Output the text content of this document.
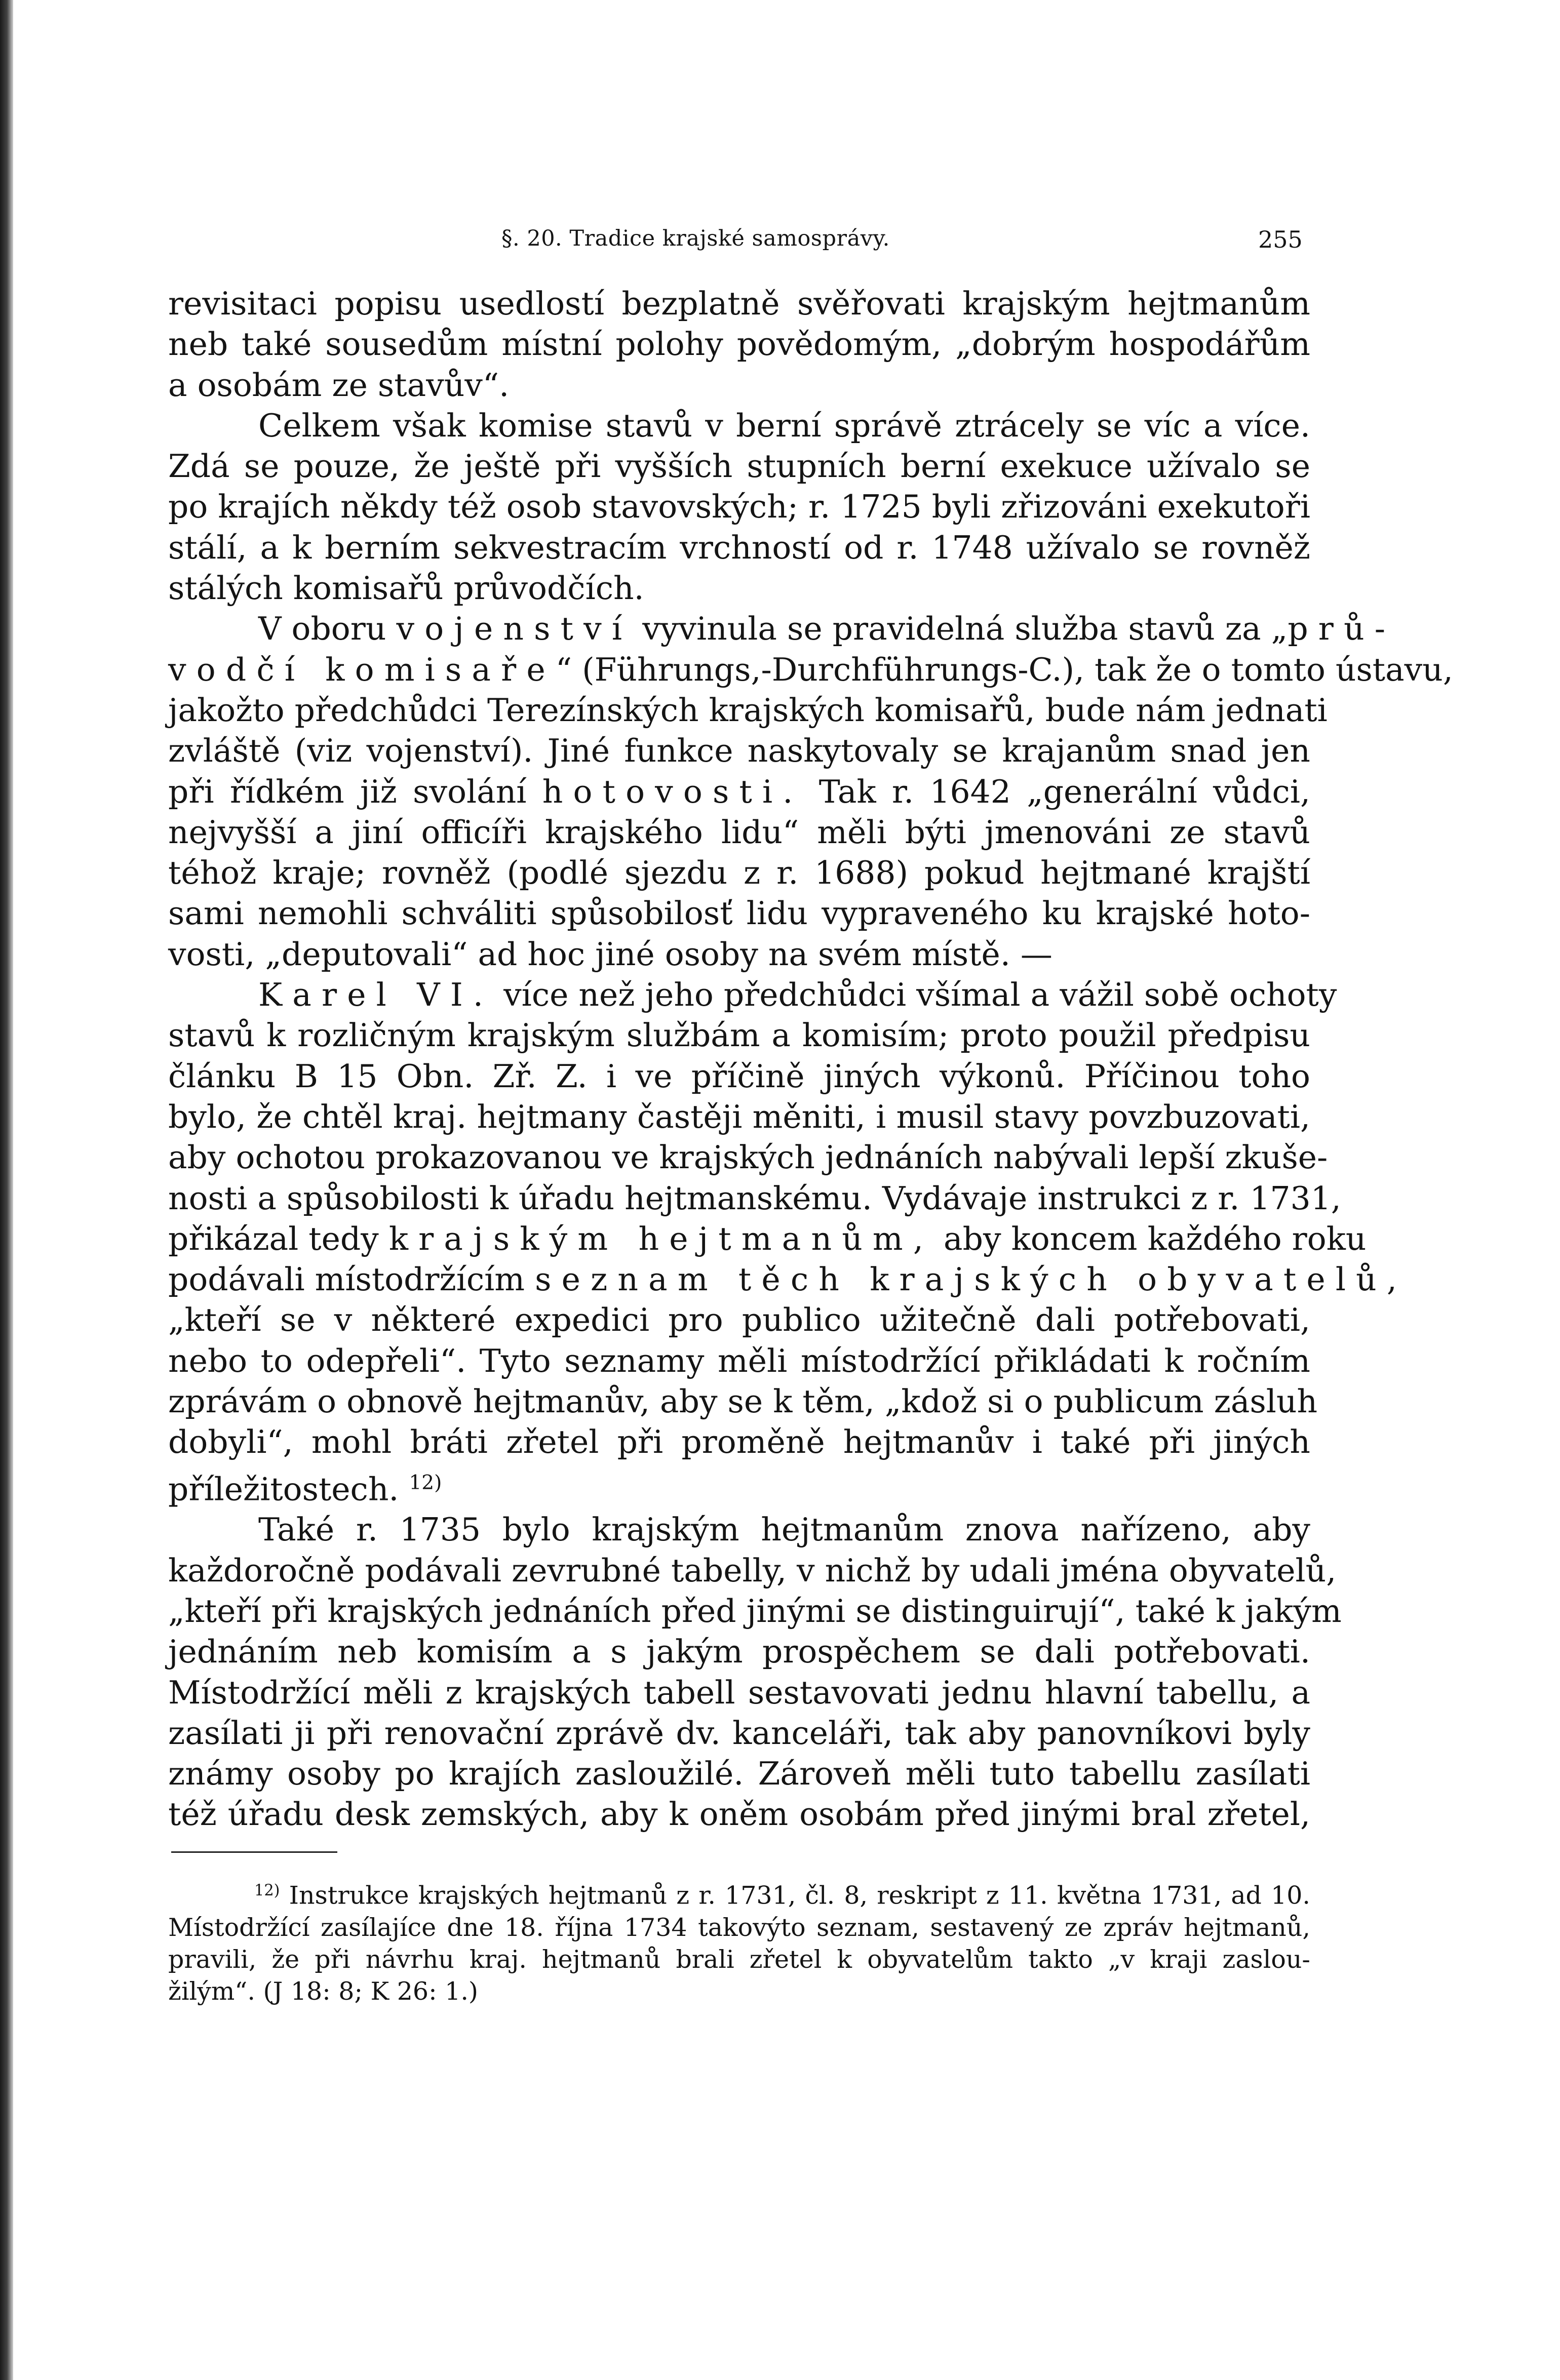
§. 20. Tradice krajské samosprávy.	255
revisitaci popisu usedlostí bezplatně svěřovati krajským hejtmanům
neb také sousedům místní polohy povědomým, „dobrým hospodářům
a osobám ze stavův“.
Celkem však komise stavů v berní správě ztrácely se víc a více.
Zdá se pouze, že ještě při vyšších stupních berní exekuce užívalo se
po krajích někdy též osob stavovských; r. 1725 byli zřizováni exekutoři
stálí, a k berním sekvestracím vrchností od r. 1748 užívalo se rovněž
stálých komisařů průvodčích.
V oboru vojenství vyvinula se pravidelná služba stavů za „prů-
vodčí komisaře“ (Führungs,-Durchführungs-C.), tak že o tomto ústavu,
jakožto předchůdci Terezínských krajských komisařů, bude nám jednati
zvláště (viz vojenství). Jiné funkce naskytovaly se krajanům snad jen
při řídkém již svolání hotovosti. Tak r. 1642 „generální vůdci,
nejvyšší a jiní officíři krajského lidu“ měli býti jmenováni ze stavů
téhož kraje; rovněž (podlé sjezdu z r. 1688) pokud hejtmané krajští
sami nemohli schváliti spůsobilosť lidu vypraveného ku krajské hoto-
vosti, „deputovali“ ad hoc jiné osoby na svém místě. —
Karel VI. více než jeho předchůdci všímal a vážil sobě ochoty
stavů k rozličným krajským službám a komisím; proto použil předpisu
článku B 15 Obn. Zř. Z. i ve příčině jiných výkonů. Příčinou toho
bylo, že chtěl kraj. hejtmany častěji měniti, i musil stavy povzbuzovati,
aby ochotou prokazovanou ve krajských jednáních nabývali lepší zkuše-
nosti a spůsobilosti k úřadu hejtmanskému. Vydávaje instrukci z r. 1731,
přikázal tedy krajským hejtmanům, aby koncem každého roku
podávali místodržícím seznam těch krajských obyvatelů,
„kteří se v některé expedici pro publico užitečně dali potřebovati,
nebo to odepřeli“. Tyto seznamy měli místodržící přikládati k ročním
zprávám o obnově hejtmanův, aby se k těm, „kdož si o publicum zásluh
dobyli“, mohl bráti zřetel při proměně hejtmanův i také při jiných
příležitostech. $^{12)}$
Také r. 1735 bylo krajským hejtmanům znova nařízeno, aby
každoročně podávali zevrubné tabelly, v nichž by udali jména obyvatelů,
„kteří při krajských jednáních před jinými se distinguirují“, také k jakým
jednáním neb komisím a s jakým prospěchem se dali potřebovati.
Místodržící měli z krajských tabell sestavovati jednu hlavní tabellu, a
zasílati ji při renovační zprávě dv. kanceláři, tak aby panovníkovi byly
známy osoby po krajích zasloužilé. Zároveň měli tuto tabellu zasílati
též úřadu desk zemských, aby k oněm osobám před jinými bral zřetel,
$^{12)}$ Instrukce krajských hejtmanů z r. 1731, čl. 8, reskript z 11. května 1731, ad 10.
Místodržící zasílajíce dne 18. října 1734 takovýto seznam, sestavený ze zpráv hejtmanů,
pravili, že při návrhu kraj. hejtmanů brali zřetel k obyvatelům takto „v kraji zaslou-
žilým“. (J 18: 8; K 26: 1.)
